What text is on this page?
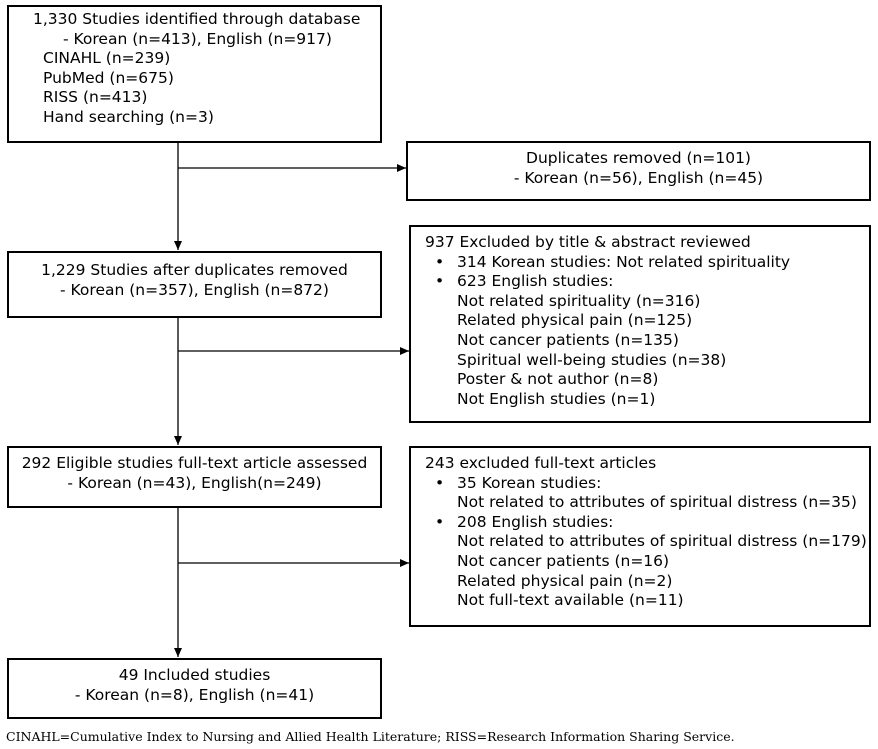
1,330 Studies identified through database
- Korean (n=413), English (n=917)
CINAHL (n=239)
PubMed (n=675)
RISS (n=413)
Hand searching (n=3)
Duplicates removed (n=101)
- Korean (n=56), English (n=45)
1,229 Studies after duplicates removed
- Korean (n=357), English (n=872)
937 Excluded by title & abstract reviewed
• 314 Korean studies: Not related spirituality
• 623 English studies:
Not related spirituality (n=316)
Related physical pain (n=125)
Not cancer patients (n=135)
Spiritual well-being studies (n=38)
Poster & not author (n=8)
Not English studies (n=1)
292 Eligible studies full-text article assessed
- Korean (n=43), English(n=249)
243 excluded full-text articles
• 35 Korean studies:
Not related to attributes of spiritual distress (n=35)
• 208 English studies:
Not related to attributes of spiritual distress (n=179)
Not cancer patients (n=16)
Related physical pain (n=2)
Not full-text available (n=11)
49 Included studies
- Korean (n=8), English (n=41)
CINAHL=Cumulative Index to Nursing and Allied Health Literature; RISS=Research Information Sharing Service.
